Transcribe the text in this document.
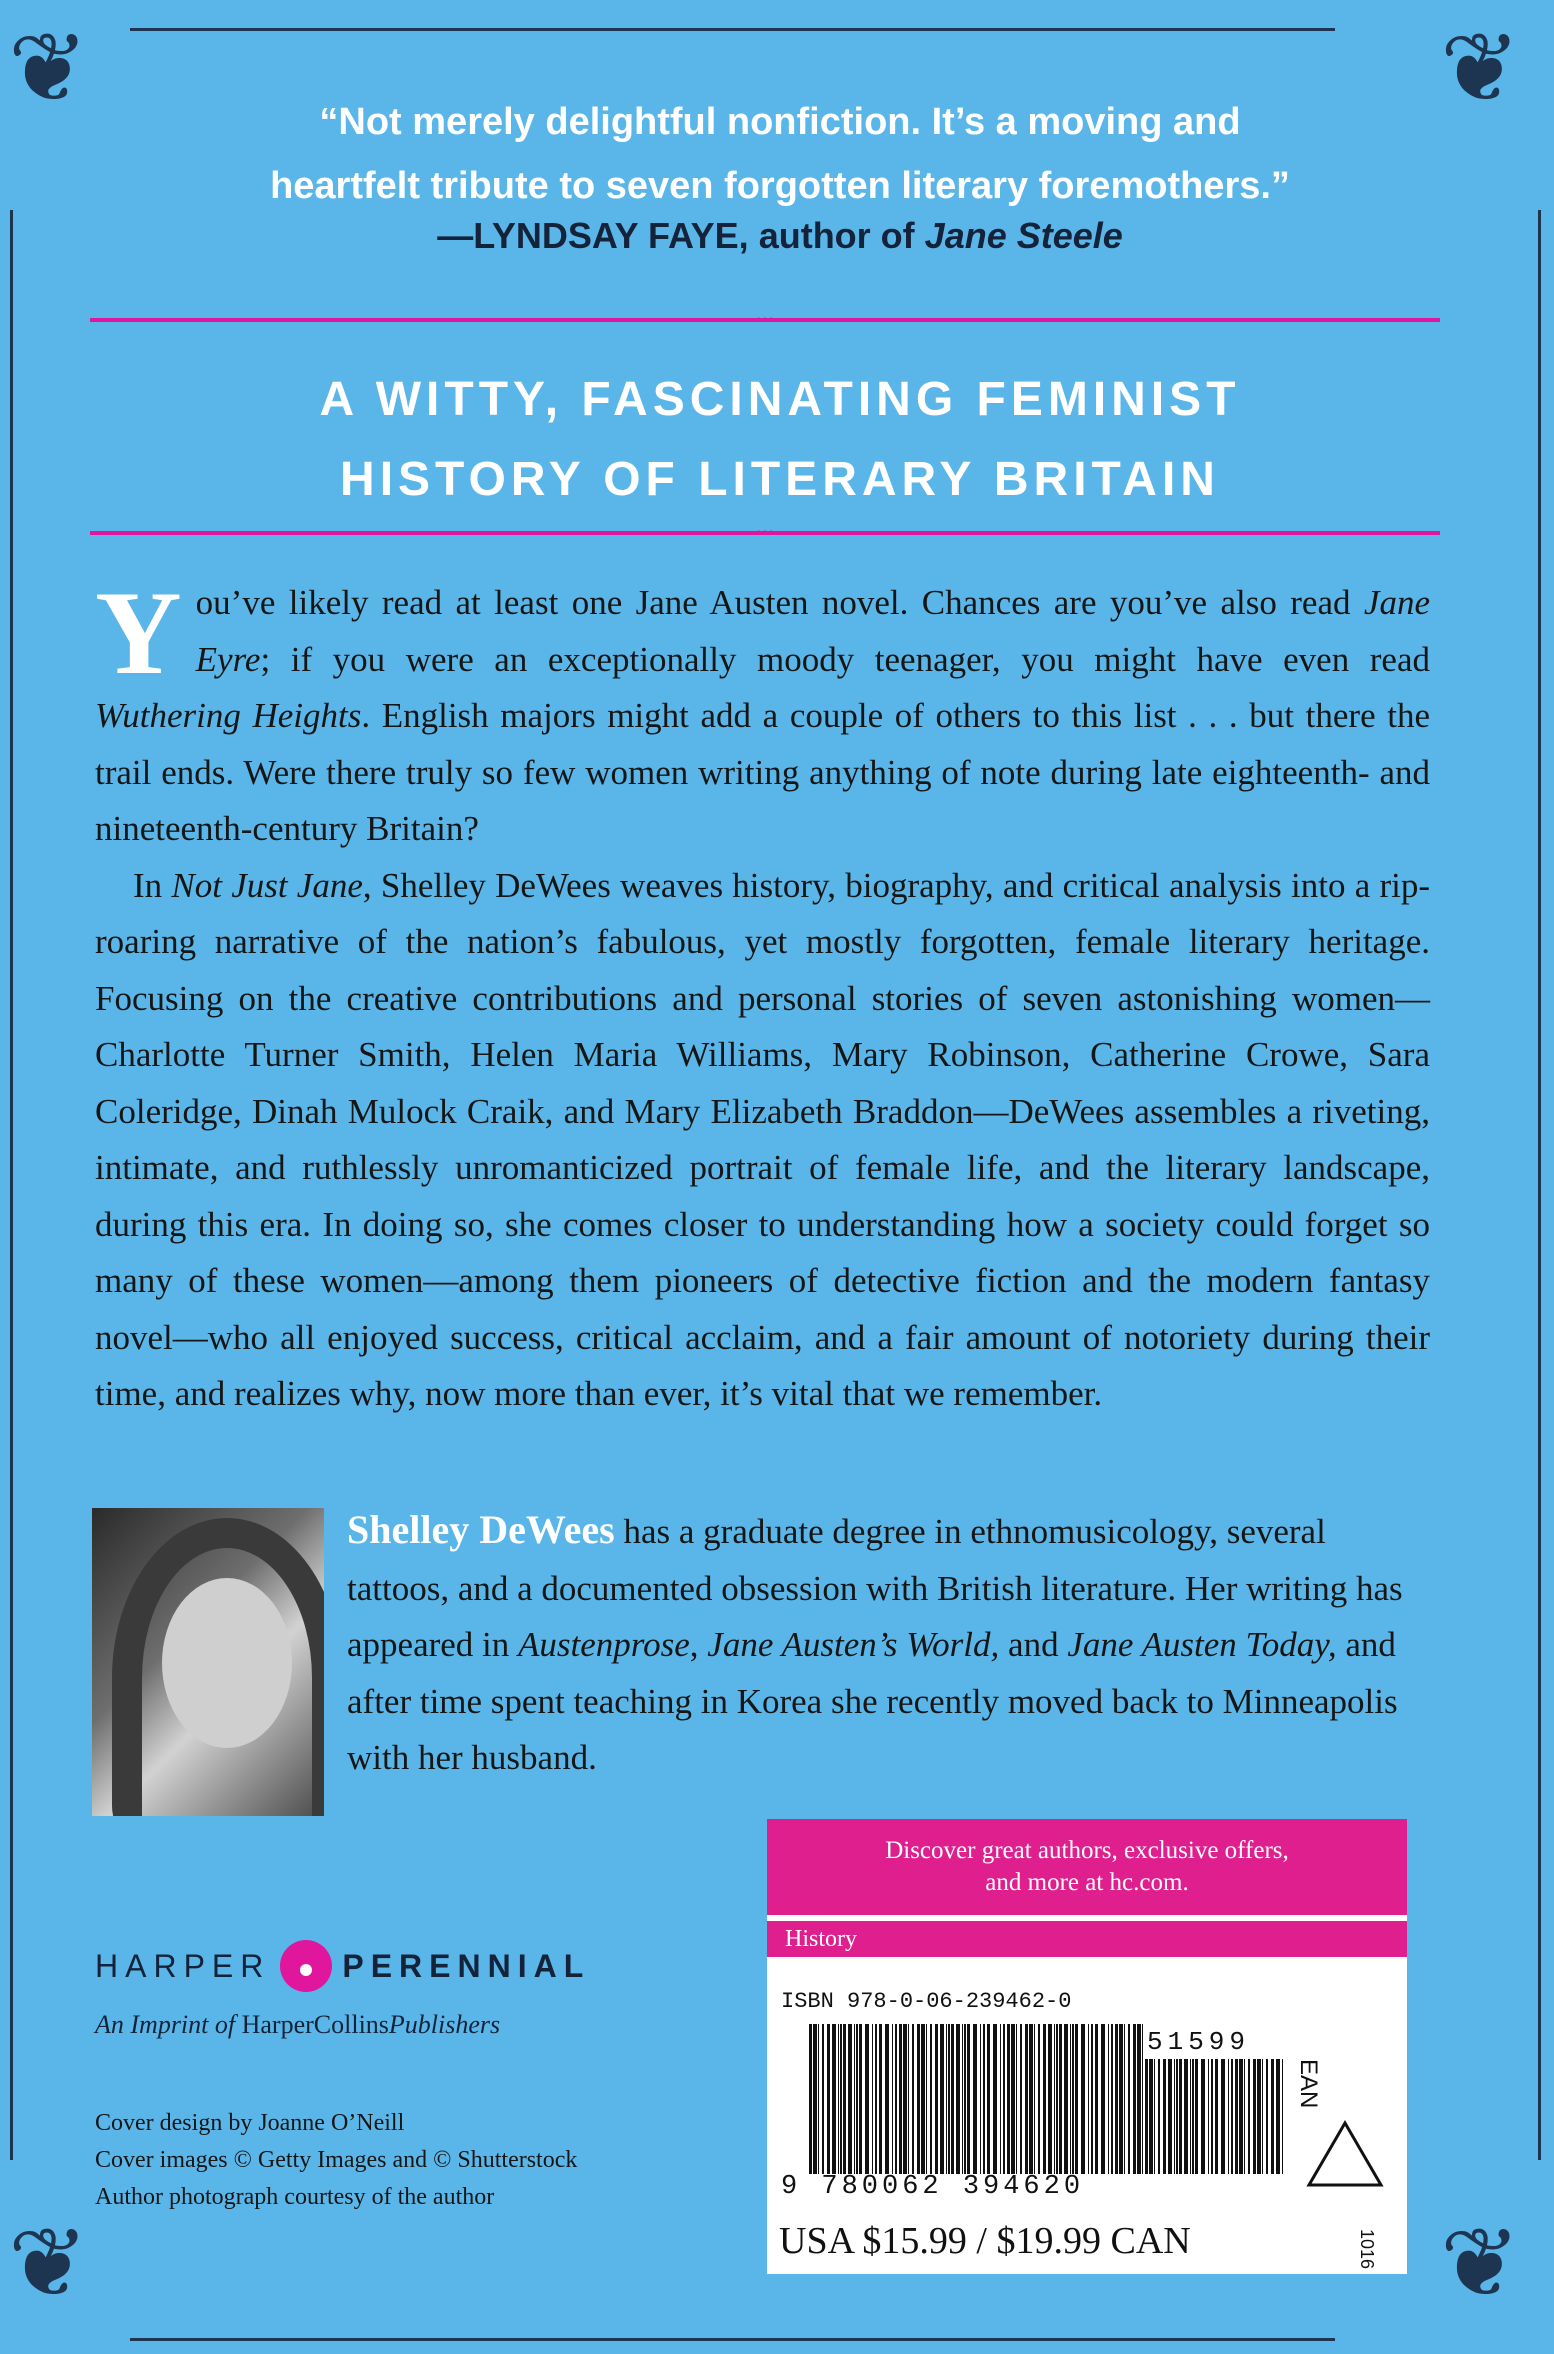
❦	❦
❦	❦
“Not merely delightful nonfiction. It’s a moving and
heartfelt tribute to seven forgotten literary foremothers.”
—LYNDSAY FAYE, author of Jane Steele
•••
A WITTY, FASCINATING FEMINIST
HISTORY OF LITERARY BRITAIN
•••

You’ve likely read at least one Jane Austen novel. Chances are you’ve also read Jane Eyre; if you were an exceptionally moody teenager, you might have even read Wuthering Heights. English majors might add a couple of others to this list . . . but there the trail ends. Were there truly so few women writing anything of note during late eighteenth- and nineteenth-century Britain?

In Not Just Jane, Shelley DeWees weaves history, biography, and critical analysis into a rip-roaring narrative of the nation’s fabulous, yet mostly forgotten, female literary heritage. Focusing on the creative contributions and personal stories of seven astonishing women—Charlotte Turner Smith, Helen Maria Williams, Mary Robinson, Catherine Crowe, Sara Coleridge, Dinah Mulock Craik, and Mary Elizabeth Braddon—DeWees assembles a riveting, intimate, and ruthlessly unromanticized portrait of female life, and the literary landscape, during this era. In doing so, she comes closer to understanding how a society could forget so many of these women—among them pioneers of detective fiction and the modern fantasy novel—who all enjoyed success, critical acclaim, and a fair amount of notoriety during their time, and realizes why, now more than ever, it’s vital that we remember.

Shelley DeWees has a graduate degree in ethnomusicology, several tattoos, and a documented obsession with British literature. Her writing has appeared in Austenprose, Jane Austen’s World, and Jane Austen Today, and after time spent teaching in Korea she recently moved back to Minneapolis with her husband.
HARPER PERENNIAL
An Imprint of HarperCollinsPublishers
Cover design by Joanne O’Neill
Cover images © Getty Images and © Shutterstock
Author photograph courtesy of the author
Discover great authors, exclusive offers,
and more at hc.com.
History
ISBN 978-0-06-239462-0
51599
EAN
9 780062 394620
USA $15.99 / $19.99 CAN	1016
